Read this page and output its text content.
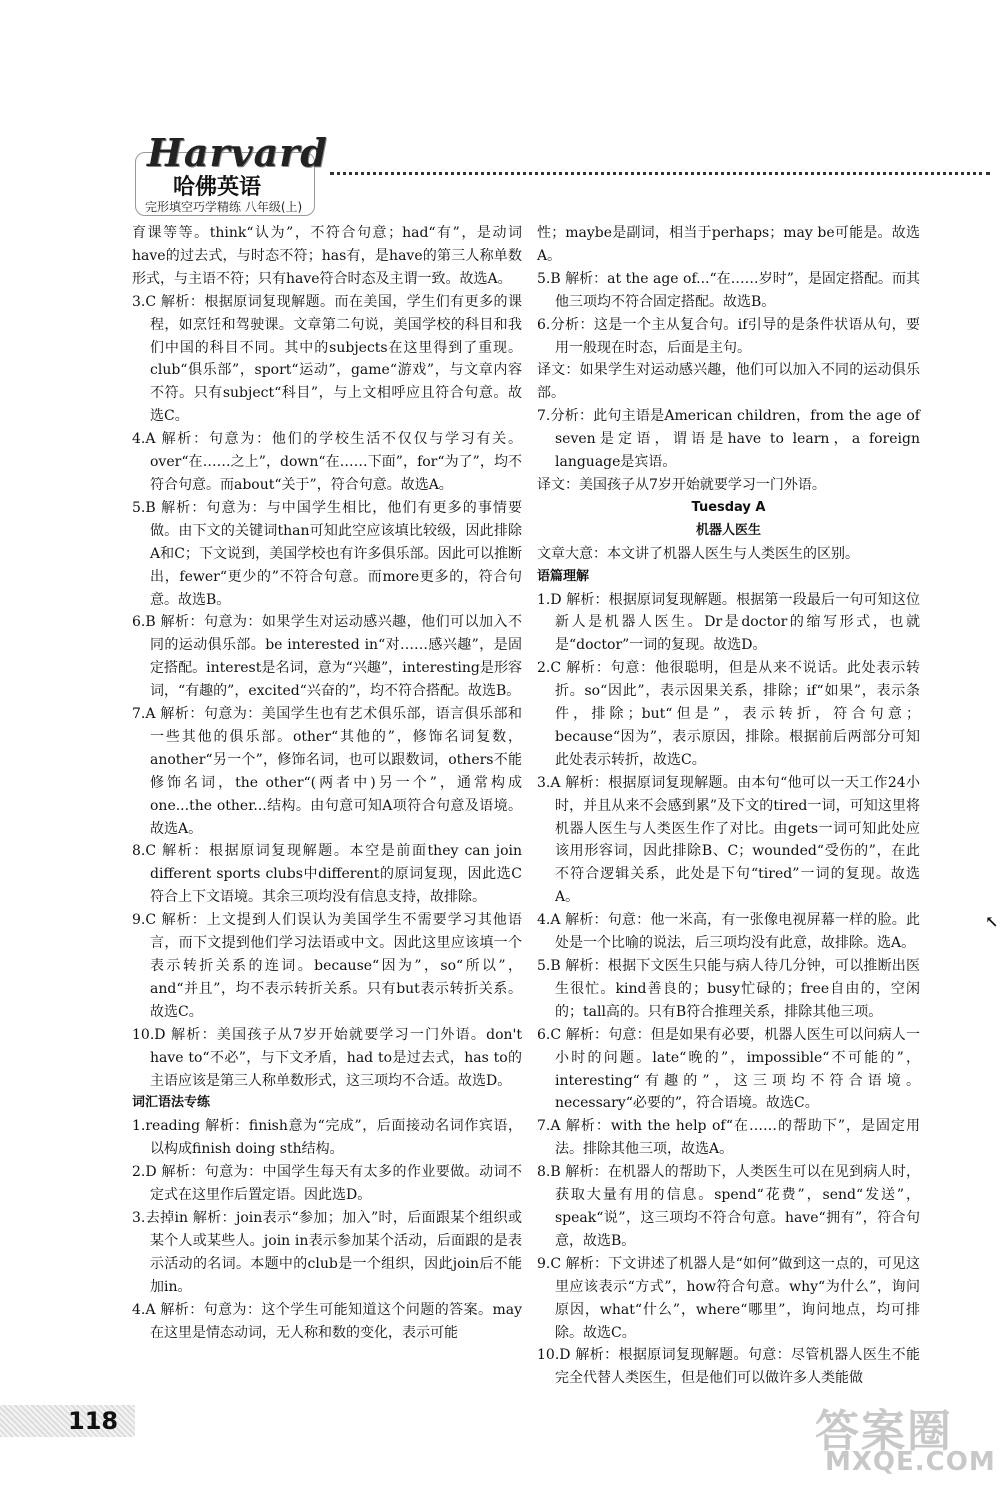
Harvard
哈佛英语
完形填空巧学精练 八年级(上)

育课等等。think“认为”，不符合句意；had“有”，是动词have的过去式，与时态不符；has有，是have的第三人称单数形式，与主语不符；只有have符合时态及主谓一致。故选A。

3.C 解析：根据原词复现解题。而在美国，学生们有更多的课程，如烹饪和驾驶课。文章第二句说，美国学校的科目和我们中国的科目不同。其中的subjects在这里得到了重现。club“俱乐部”，sport“运动”，game“游戏”，与文章内容不符。只有subject“科目”，与上文相呼应且符合句意。故选C。

4.A 解析：句意为：他们的学校生活不仅仅与学习有关。over“在……之上”，down“在……下面”，for“为了”，均不符合句意。而about“关于”，符合句意。故选A。

5.B 解析：句意为：与中国学生相比，他们有更多的事情要做。由下文的关键词than可知此空应该填比较级，因此排除A和C；下文说到，美国学校也有许多俱乐部。因此可以推断出，fewer“更少的”不符合句意。而more更多的，符合句意。故选B。

6.B 解析：句意为：如果学生对运动感兴趣，他们可以加入不同的运动俱乐部。be interested in“对……感兴趣”，是固定搭配。interest是名词，意为“兴趣”，interesting是形容词，“有趣的”，excited“兴奋的”，均不符合搭配。故选B。

7.A 解析：句意为：美国学生也有艺术俱乐部，语言俱乐部和一些其他的俱乐部。other“其他的”，修饰名词复数，another“另一个”，修饰名词，也可以跟数词，others不能修饰名词，the other“(两者中)另一个”，通常构成one...the other...结构。由句意可知A项符合句意及语境。故选A。

8.C 解析：根据原词复现解题。本空是前面they can join different sports clubs中different的原词复现，因此选C符合上下文语境。其余三项均没有信息支持，故排除。

9.C 解析：上文提到人们误认为美国学生不需要学习其他语言，而下文提到他们学习法语或中文。因此这里应该填一个表示转折关系的连词。because“因为”，so“所以”，and“并且”，均不表示转折关系。只有but表示转折关系。故选C。

10.D 解析：美国孩子从7岁开始就要学习一门外语。don't have to“不必”，与下文矛盾，had to是过去式，has to的主语应该是第三人称单数形式，这三项均不合适。故选D。

词汇语法专练

1.reading 解析：finish意为“完成”，后面接动名词作宾语，以构成finish doing sth结构。

2.D 解析：句意为：中国学生每天有太多的作业要做。动词不定式在这里作后置定语。因此选D。

3.去掉in 解析：join表示“参加；加入”时，后面跟某个组织或某个人或某些人。join in表示参加某个活动，后面跟的是表示活动的名词。本题中的club是一个组织，因此join后不能加in。

4.A 解析：句意为：这个学生可能知道这个问题的答案。may在这里是情态动词，无人称和数的变化，表示可能

性；maybe是副词，相当于perhaps；may be可能是。故选A。

5.B 解析：at the age of...“在……岁时”，是固定搭配。而其他三项均不符合固定搭配。故选B。

6.分析：这是一个主从复合句。if引导的是条件状语从句，要用一般现在时态，后面是主句。

译文：如果学生对运动感兴趣，他们可以加入不同的运动俱乐部。

7.分析：此句主语是American children，from the age of seven是定语，谓语是have to learn，a foreign language是宾语。

译文：美国孩子从7岁开始就要学习一门外语。

Tuesday A

机器人医生

文章大意：本文讲了机器人医生与人类医生的区别。

语篇理解

1.D 解析：根据原词复现解题。根据第一段最后一句可知这位新人是机器人医生。Dr是doctor的缩写形式，也就是“doctor”一词的复现。故选D。

2.C 解析：句意：他很聪明，但是从来不说话。此处表示转折。so“因此”，表示因果关系，排除；if“如果”，表示条件，排除；but“但是”，表示转折，符合句意；because“因为”，表示原因，排除。根据前后两部分可知此处表示转折，故选C。

3.A 解析：根据原词复现解题。由本句“他可以一天工作24小时，并且从来不会感到累”及下文的tired一词，可知这里将机器人医生与人类医生作了对比。由gets一词可知此处应该用形容词，因此排除B、C；wounded“受伤的”，在此不符合逻辑关系，此处是下句“tired”一词的复现。故选A。

4.A 解析：句意：他一米高，有一张像电视屏幕一样的脸。此处是一个比喻的说法，后三项均没有此意，故排除。选A。

5.B 解析：根据下文医生只能与病人待几分钟，可以推断出医生很忙。kind善良的；busy忙碌的；free自由的，空闲的；tall高的。只有B符合推理关系，排除其他三项。

6.C 解析：句意：但是如果有必要，机器人医生可以问病人一小时的问题。late“晚的”，impossible“不可能的”，interesting“有趣的”，这三项均不符合语境。necessary“必要的”，符合语境。故选C。

7.A 解析：with the help of“在……的帮助下”，是固定用法。排除其他三项，故选A。

8.B 解析：在机器人的帮助下，人类医生可以在见到病人时，获取大量有用的信息。spend“花费”，send“发送”，speak“说”，这三项均不符合句意。have“拥有”，符合句意，故选B。

9.C 解析：下文讲述了机器人是“如何”做到这一点的，可见这里应该表示“方式”，how符合句意。why“为什么”，询问原因，what“什么”，where“哪里”，询问地点，均可排除。故选C。

10.D 解析：根据原词复现解题。句意：尽管机器人医生不能完全代替人类医生，但是他们可以做许多人类能做

↖
118	答案圈
MXQE.COM
